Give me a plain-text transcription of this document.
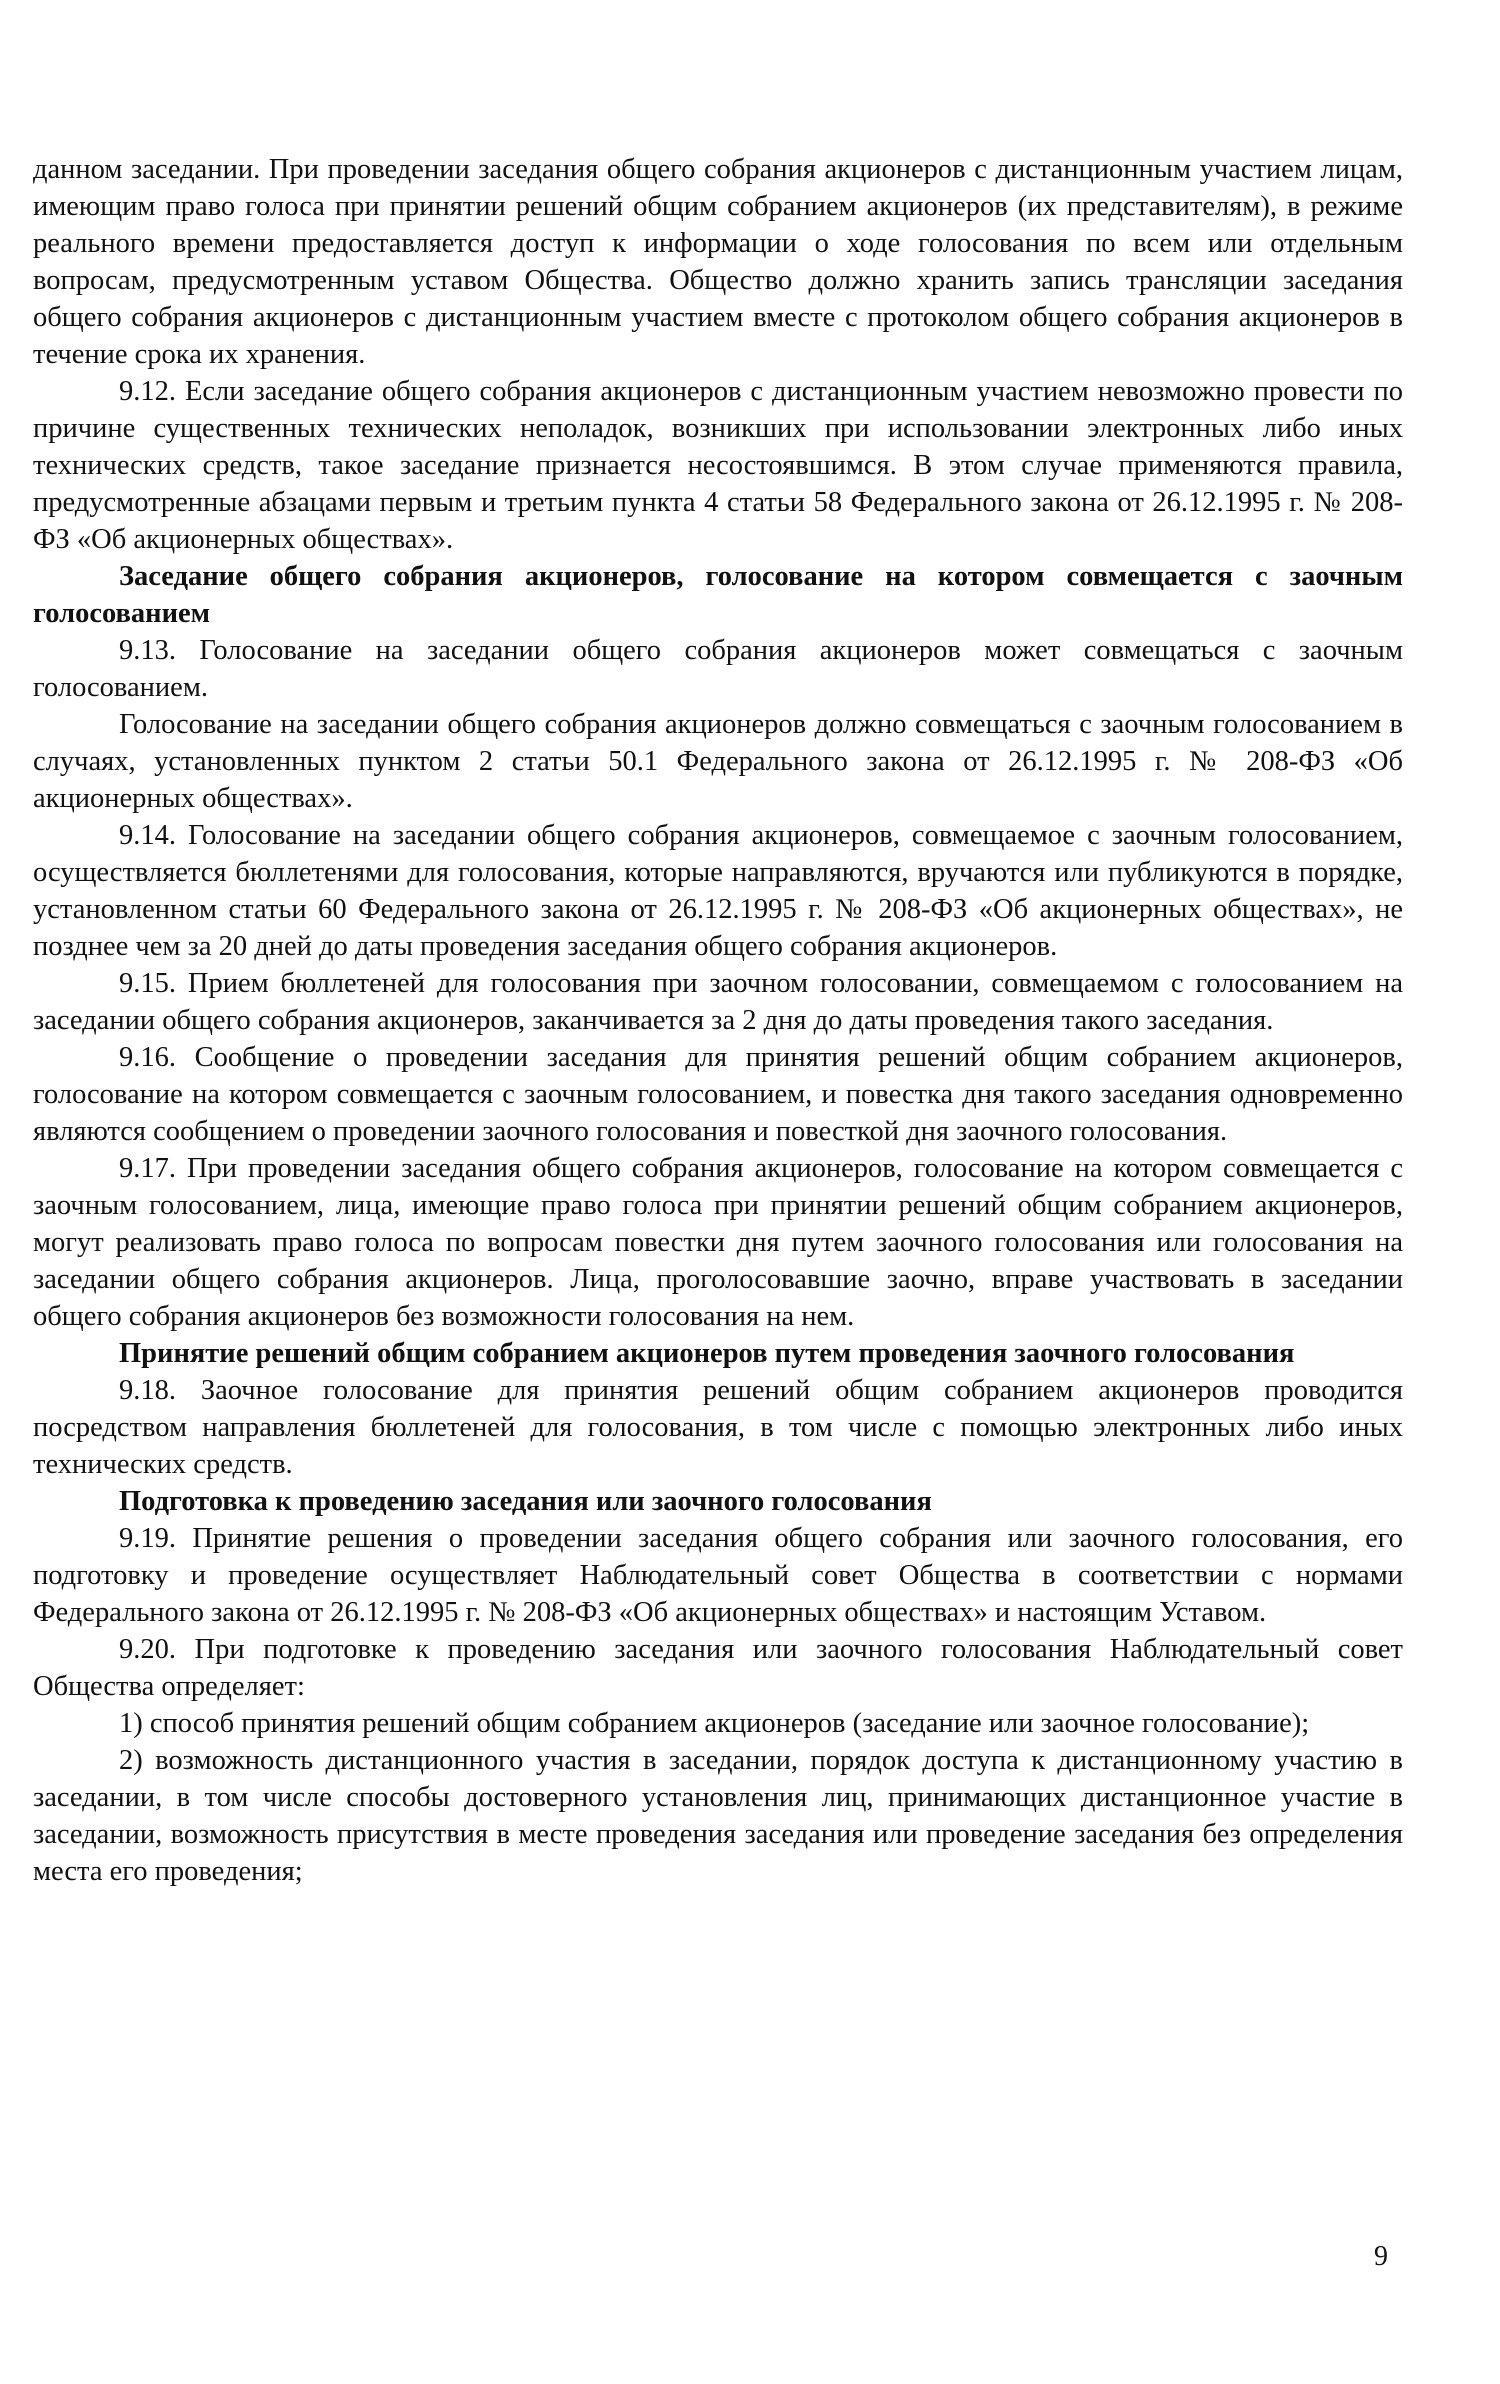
данном заседании. При проведении заседания общего собрания акционеров с дистанционным участием лицам, имеющим право голоса при принятии решений общим собранием акционеров (их представителям), в режиме реального времени предоставляется доступ к информации о ходе голосования по всем или отдельным вопросам, предусмотренным уставом Общества. Общество должно хранить запись трансляции заседания общего собрания акционеров с дистанционным участием вместе с протоколом общего собрания акционеров в течение срока их хранения.

9.12. Если заседание общего собрания акционеров с дистанционным участием невозможно провести по причине существенных технических неполадок, возникших при использовании электронных либо иных технических средств, такое заседание признается несостоявшимся. В этом случае применяются правила, предусмотренные абзацами первым и третьим пункта 4 статьи 58 Федерального закона от 26.12.1995 г. № 208-ФЗ «Об акционерных обществах».

Заседание общего собрания акционеров, голосование на котором совмещается с заочным голосованием

9.13. Голосование на заседании общего собрания акционеров может совмещаться с заочным голосованием.

Голосование на заседании общего собрания акционеров должно совмещаться с заочным голосованием в случаях, установленных пунктом 2 статьи 50.1 Федерального закона от 26.12.1995 г. № 208-ФЗ «Об акционерных обществах».

9.14. Голосование на заседании общего собрания акционеров, совмещаемое с заочным голосованием, осуществляется бюллетенями для голосования, которые направляются, вручаются или публикуются в порядке, установленном статьи 60 Федерального закона от 26.12.1995 г. № 208-ФЗ «Об акционерных обществах», не позднее чем за 20 дней до даты проведения заседания общего собрания акционеров.

9.15. Прием бюллетеней для голосования при заочном голосовании, совмещаемом с голосованием на заседании общего собрания акционеров, заканчивается за 2 дня до даты проведения такого заседания.

9.16. Сообщение о проведении заседания для принятия решений общим собранием акционеров, голосование на котором совмещается с заочным голосованием, и повестка дня такого заседания одновременно являются сообщением о проведении заочного голосования и повесткой дня заочного голосования.

9.17. При проведении заседания общего собрания акционеров, голосование на котором совмещается с заочным голосованием, лица, имеющие право голоса при принятии решений общим собранием акционеров, могут реализовать право голоса по вопросам повестки дня путем заочного голосования или голосования на заседании общего собрания акционеров. Лица, проголосовавшие заочно, вправе участвовать в заседании общего собрания акционеров без возможности голосования на нем.

Принятие решений общим собранием акционеров путем проведения заочного голосования

9.18. Заочное голосование для принятия решений общим собранием акционеров проводится посредством направления бюллетеней для голосования, в том числе с помощью электронных либо иных технических средств.

Подготовка к проведению заседания или заочного голосования

9.19. Принятие решения о проведении заседания общего собрания или заочного голосования, его подготовку и проведение осуществляет Наблюдательный совет Общества в соответствии с нормами Федерального закона от 26.12.1995 г. № 208-ФЗ «Об акционерных обществах» и настоящим Уставом.

9.20. При подготовке к проведению заседания или заочного голосования Наблюдательный совет Общества определяет:

1) способ принятия решений общим собранием акционеров (заседание или заочное голосование);

2) возможность дистанционного участия в заседании, порядок доступа к дистанционному участию в заседании, в том числе способы достоверного установления лиц, принимающих дистанционное участие в заседании, возможность присутствия в месте проведения заседания или проведение заседания без определения места его проведения;

9
